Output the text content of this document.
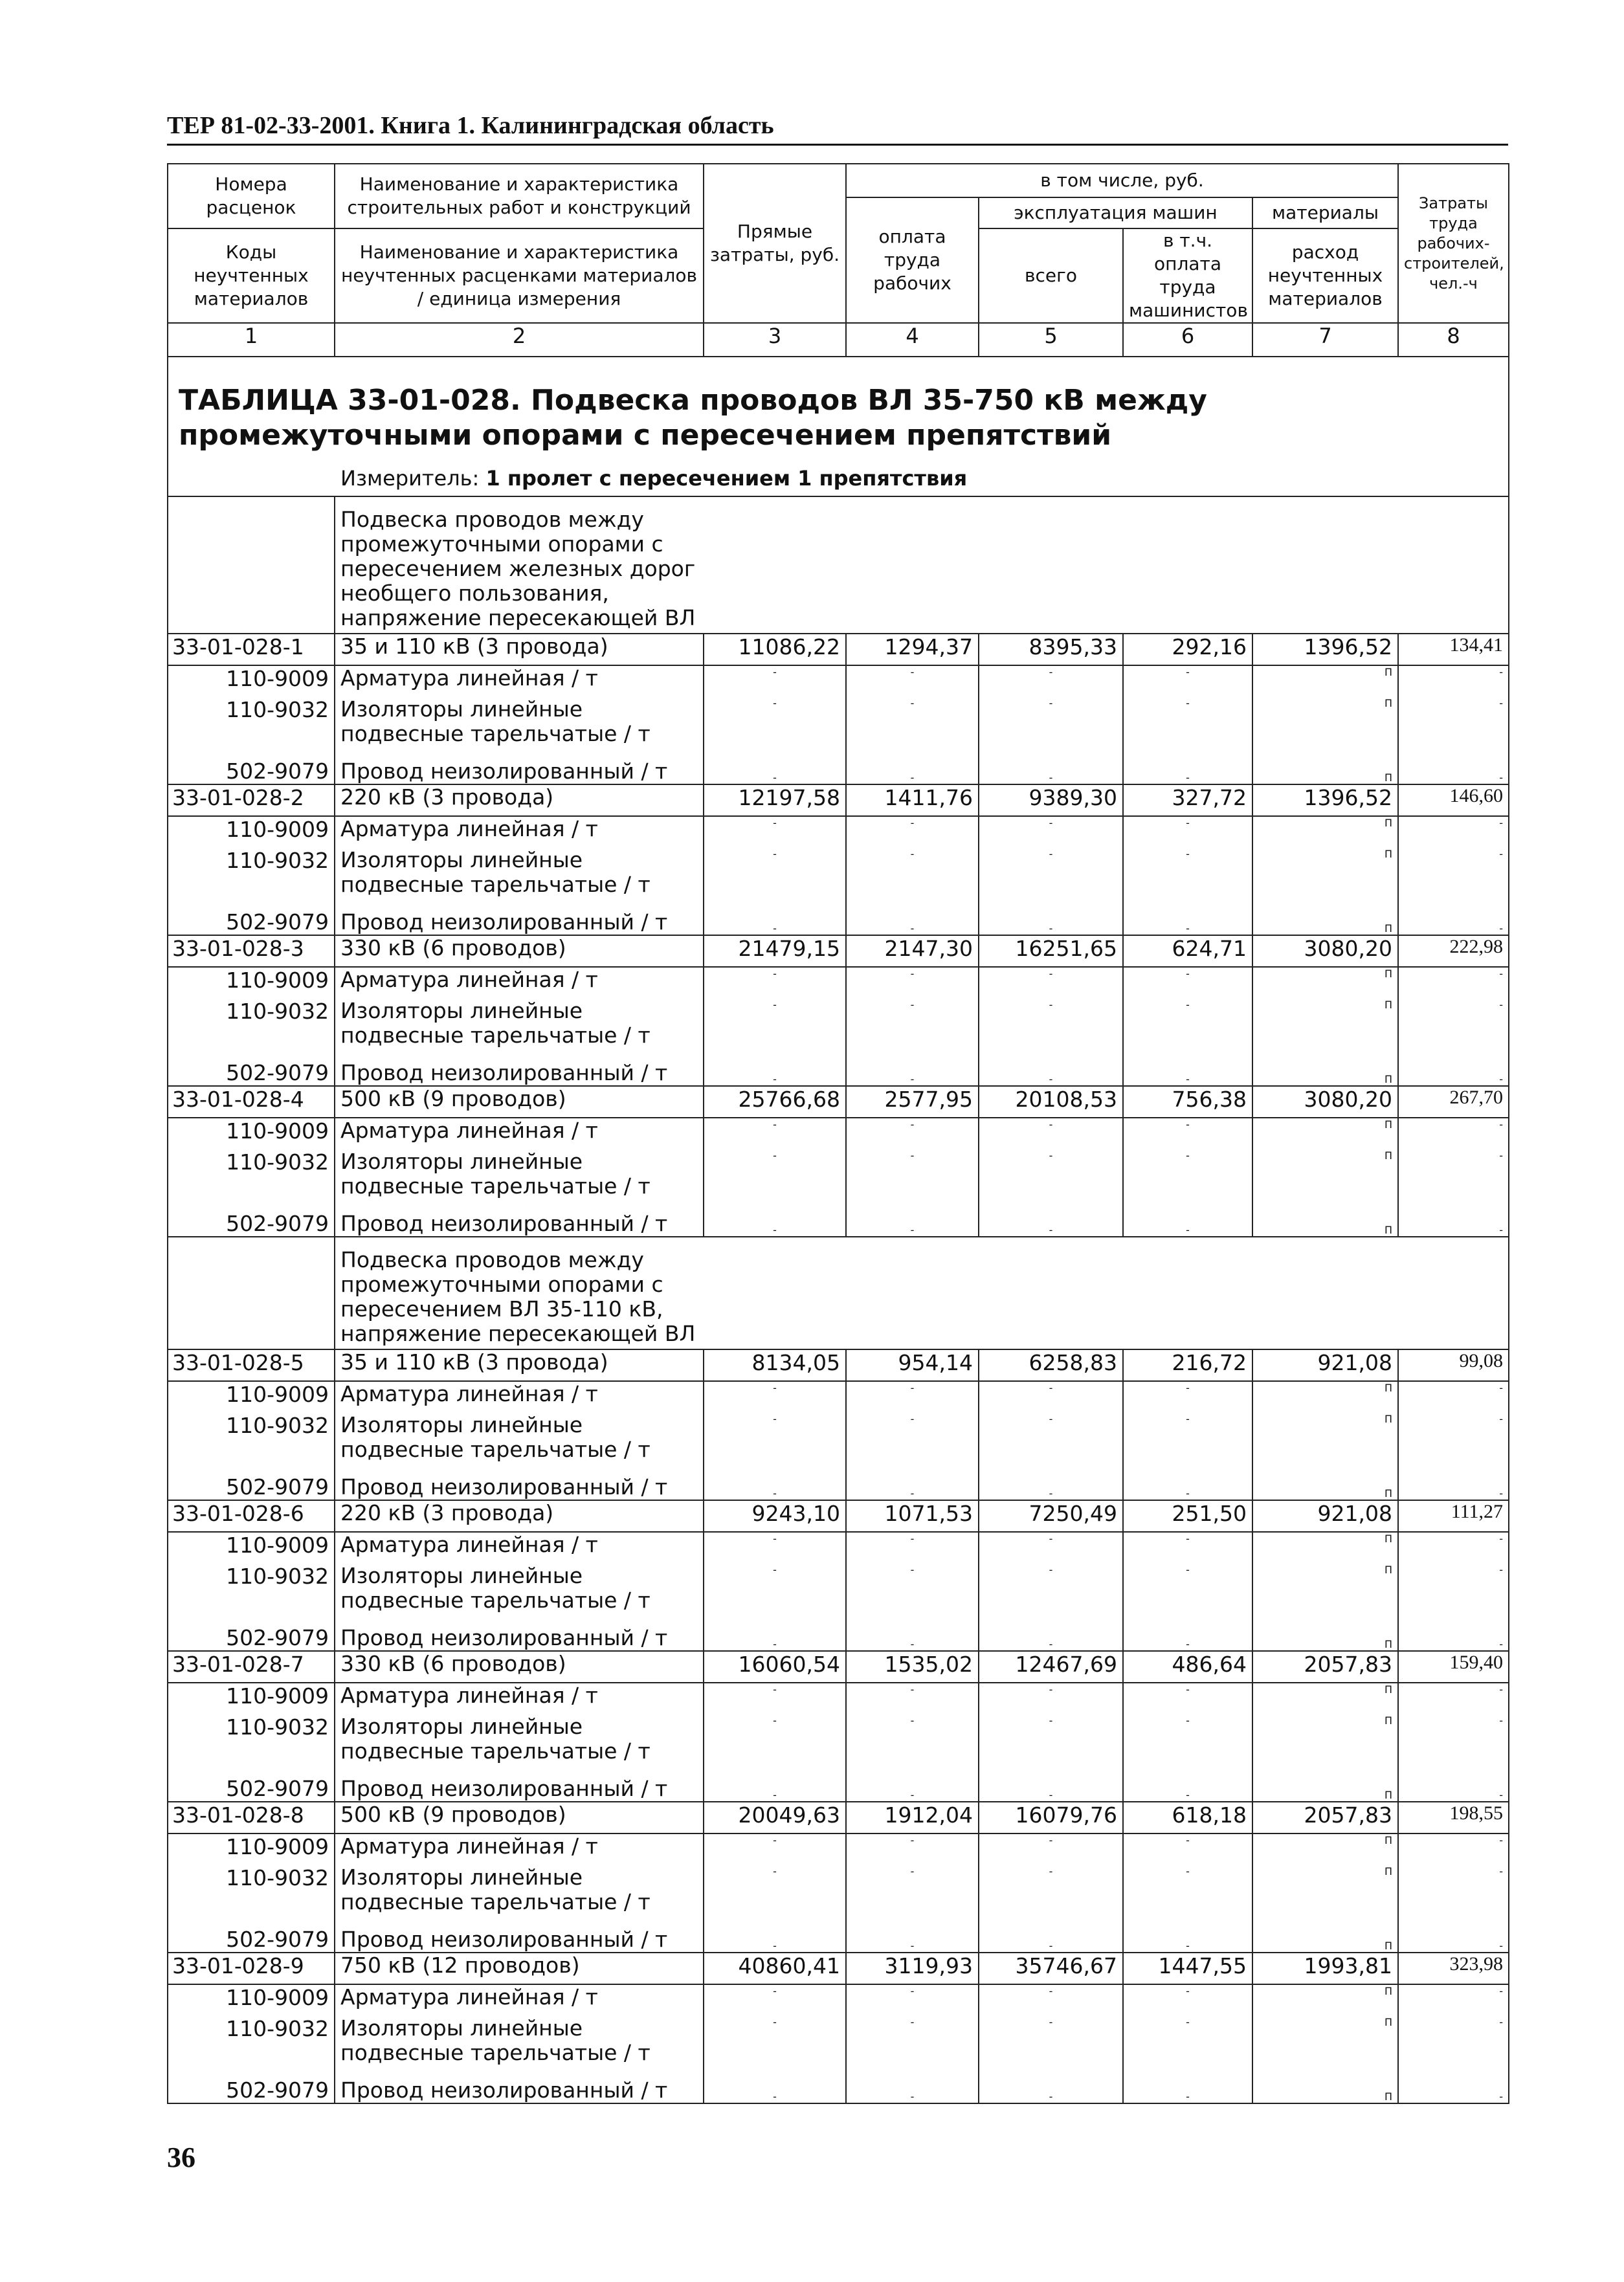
ТЕР 81-02-33-2001. Книга 1. Калининградская область
Номера расценок	Наименование и характеристика строительных работ и конструкций	Прямые затраты, руб.	в том числе, руб.				Затраты труда рабочих-строителей, чел.-ч
			оплата труда рабочих	эксплуатация машин		материалы	
Коды неучтенных материалов	Наименование и характеристика неучтенных расценками материалов / единица измерения			всего	в т.ч. оплата труда машинистов	расход неучтенных материалов	

1	2	3	4	5	6	7	8

ТАБЛИЦА 33-01-028. Подвеска проводов ВЛ 35-750 кВ между промежуточными опорами с пересечением препятствий
Измеритель: 1 пролет с пересечением 1 препятствия							

	Подвеска проводов между промежуточными опорами с пересечением железных дорог необщего пользования, напряжение пересекающей ВЛ						

33-01-028-1	35 и 110 кВ (3 провода)	11086,22	1294,37	8395,33	292,16	1396,52	134,41
110-9009	Арматура линейная / т	-	-	-	-	П	-
110-9032	Изоляторы линейные подвесные тарельчатые / т	-	-	-	-	П	-
502-9079	Провод неизолированный / т	-	-	-	-	П	-
33-01-028-2	220 кВ (3 провода)	12197,58	1411,76	9389,30	327,72	1396,52	146,60
110-9009	Арматура линейная / т	-	-	-	-	П	-
110-9032	Изоляторы линейные подвесные тарельчатые / т	-	-	-	-	П	-
502-9079	Провод неизолированный / т	-	-	-	-	П	-
33-01-028-3	330 кВ (6 проводов)	21479,15	2147,30	16251,65	624,71	3080,20	222,98
110-9009	Арматура линейная / т	-	-	-	-	П	-
110-9032	Изоляторы линейные подвесные тарельчатые / т	-	-	-	-	П	-
502-9079	Провод неизолированный / т	-	-	-	-	П	-
33-01-028-4	500 кВ (9 проводов)	25766,68	2577,95	20108,53	756,38	3080,20	267,70
110-9009	Арматура линейная / т	-	-	-	-	П	-
110-9032	Изоляторы линейные подвесные тарельчатые / т	-	-	-	-	П	-
502-9079	Провод неизолированный / т	-	-	-	-	П	-

	Подвеска проводов между промежуточными опорами с пересечением ВЛ 35-110 кВ, напряжение пересекающей ВЛ						

33-01-028-5	35 и 110 кВ (3 провода)	8134,05	954,14	6258,83	216,72	921,08	99,08
110-9009	Арматура линейная / т	-	-	-	-	П	-
110-9032	Изоляторы линейные подвесные тарельчатые / т	-	-	-	-	П	-
502-9079	Провод неизолированный / т	-	-	-	-	П	-
33-01-028-6	220 кВ (3 провода)	9243,10	1071,53	7250,49	251,50	921,08	111,27
110-9009	Арматура линейная / т	-	-	-	-	П	-
110-9032	Изоляторы линейные подвесные тарельчатые / т	-	-	-	-	П	-
502-9079	Провод неизолированный / т	-	-	-	-	П	-
33-01-028-7	330 кВ (6 проводов)	16060,54	1535,02	12467,69	486,64	2057,83	159,40
110-9009	Арматура линейная / т	-	-	-	-	П	-
110-9032	Изоляторы линейные подвесные тарельчатые / т	-	-	-	-	П	-
502-9079	Провод неизолированный / т	-	-	-	-	П	-
33-01-028-8	500 кВ (9 проводов)	20049,63	1912,04	16079,76	618,18	2057,83	198,55
110-9009	Арматура линейная / т	-	-	-	-	П	-
110-9032	Изоляторы линейные подвесные тарельчатые / т	-	-	-	-	П	-
502-9079	Провод неизолированный / т	-	-	-	-	П	-
33-01-028-9	750 кВ (12 проводов)	40860,41	3119,93	35746,67	1447,55	1993,81	323,98
110-9009	Арматура линейная / т	-	-	-	-	П	-
110-9032	Изоляторы линейные подвесные тарельчатые / т	-	-	-	-	П	-
502-9079	Провод неизолированный / т	-	-	-	-	П	-
36
